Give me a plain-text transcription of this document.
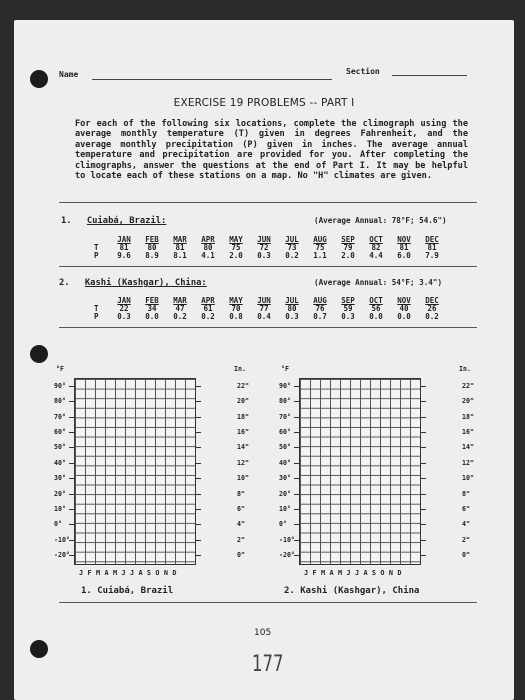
Name	Section
EXERCISE 19 PROBLEMS -- PART I
For each of the following six locations, complete the climograph using the average monthly temperature (T) given in degrees Fahrenheit, and the average monthly precipitation (P) given in inches. The average annual temperature and precipitation are provided for you. After completing the climographs, answer the questions at the end of Part I. It may be helpful to locate each of these stations on a map. No "H" climates are given.
1. Cuiabá, Brazil:	(Average Annual: 78°F; 54.6")
	JAN	FEB	MAR	APR	MAY	JUN	JUL	AUG	SEP	OCT	NOV	DEC
T	81	80	81	80	75	72	73	75	79	82	81	81
P	9.6	8.9	8.1	4.1	2.0	0.3	0.2	1.1	2.0	4.4	6.0	7.9
2. Kashi (Kashgar), China:	(Average Annual: 54°F; 3.4")
	JAN	FEB	MAR	APR	MAY	JUN	JUL	AUG	SEP	OCT	NOV	DEC
T	22	34	47	61	70	77	80	76	59	56	40	26
P	0.3	0.0	0.2	0.2	0.8	0.4	0.3	0.7	0.3	0.0	0.0	0.2
°F	In.
JFMAMJJASOND
90°
80°
70°
60°
50°
40°
30°
20°
10°
0°
-10°
-20°
22"
20"
18"
16"
14"
12"
10"
8"
6"
4"
2"
0"
°F	In.
JFMAMJJASOND
90°
80°
70°
60°
50°
40°
30°
20°
10°
0°
-10°
-20°
22"
20"
18"
16"
14"
12"
10"
8"
6"
4"
2"
0"
1. Cuiabá, Brazil	2. Kashi (Kashgar), China
105
177
